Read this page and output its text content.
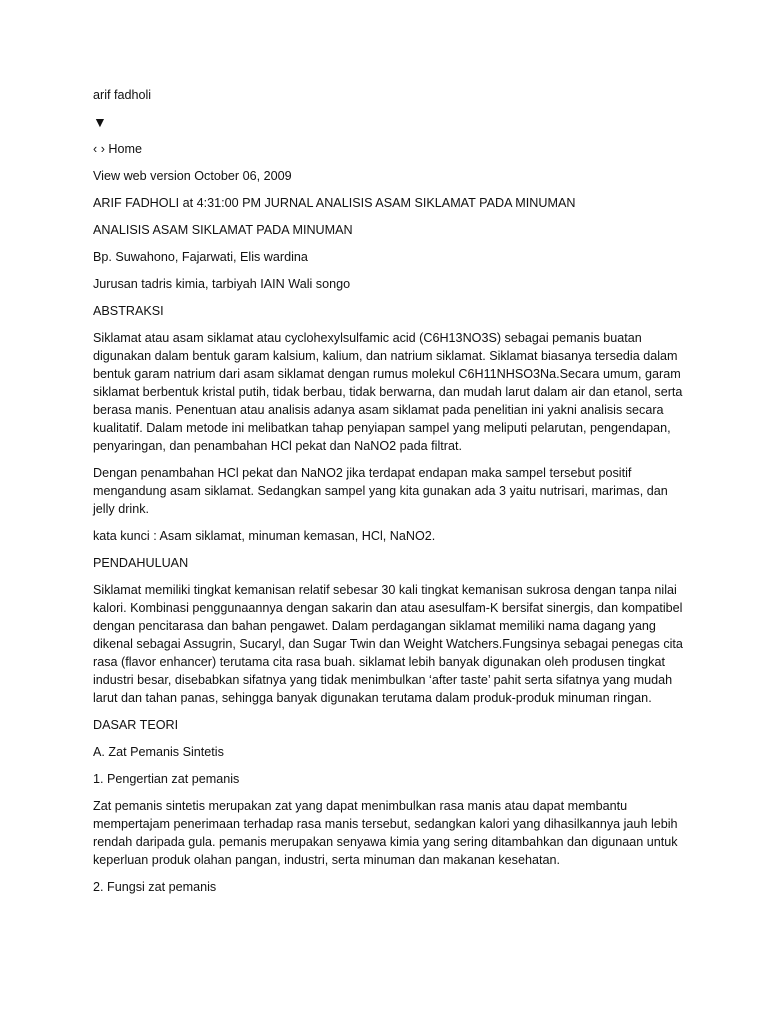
arif fadholi

▼

‹ › Home

View web version October 06, 2009

ARIF FADHOLI at 4:31:00 PM JURNAL ANALISIS ASAM SIKLAMAT PADA MINUMAN

ANALISIS ASAM SIKLAMAT PADA MINUMAN

Bp. Suwahono, Fajarwati, Elis wardina

Jurusan tadris kimia, tarbiyah IAIN Wali songo

ABSTRAKSI

Siklamat atau asam siklamat atau cyclohexylsulfamic acid (C6H13NO3S) sebagai pemanis buatan digunakan dalam bentuk garam kalsium, kalium, dan natrium siklamat. Siklamat biasanya tersedia dalam bentuk garam natrium dari asam siklamat dengan rumus molekul C6H11NHSO3Na.Secara umum, garam siklamat berbentuk kristal putih, tidak berbau, tidak berwarna, dan mudah larut dalam air dan etanol, serta berasa manis. Penentuan atau analisis adanya asam siklamat pada penelitian ini yakni analisis secara kualitatif. Dalam metode ini melibatkan tahap penyiapan sampel yang meliputi pelarutan, pengendapan, penyaringan, dan penambahan HCl pekat dan NaNO2 pada filtrat.

Dengan penambahan HCl pekat dan NaNO2 jika terdapat endapan maka sampel tersebut positif mengandung asam siklamat. Sedangkan sampel yang kita gunakan ada 3 yaitu nutrisari, marimas, dan jelly drink.

kata kunci : Asam siklamat, minuman kemasan, HCl, NaNO2.

PENDAHULUAN

Siklamat memiliki tingkat kemanisan relatif sebesar 30 kali tingkat kemanisan sukrosa dengan tanpa nilai kalori. Kombinasi penggunaannya dengan sakarin dan atau asesulfam-K bersifat sinergis, dan kompatibel dengan pencitarasa dan bahan pengawet. Dalam perdagangan siklamat memiliki nama dagang yang dikenal sebagai Assugrin, Sucaryl, dan Sugar Twin dan Weight Watchers.Fungsinya sebagai penegas cita rasa (flavor enhancer) terutama cita rasa buah. siklamat lebih banyak digunakan oleh produsen tingkat industri besar, disebabkan sifatnya yang tidak menimbulkan ‘after taste’ pahit serta sifatnya yang mudah larut dan tahan panas, sehingga banyak digunakan terutama dalam produk-produk minuman ringan.

DASAR TEORI

A. Zat Pemanis Sintetis

1. Pengertian zat pemanis

Zat pemanis sintetis merupakan zat yang dapat menimbulkan rasa manis atau dapat membantu mempertajam penerimaan terhadap rasa manis tersebut, sedangkan kalori yang dihasilkannya jauh lebih rendah daripada gula. pemanis merupakan senyawa kimia yang sering ditambahkan dan digunaan untuk keperluan produk olahan pangan, industri, serta minuman dan makanan kesehatan.

2. Fungsi zat pemanis
